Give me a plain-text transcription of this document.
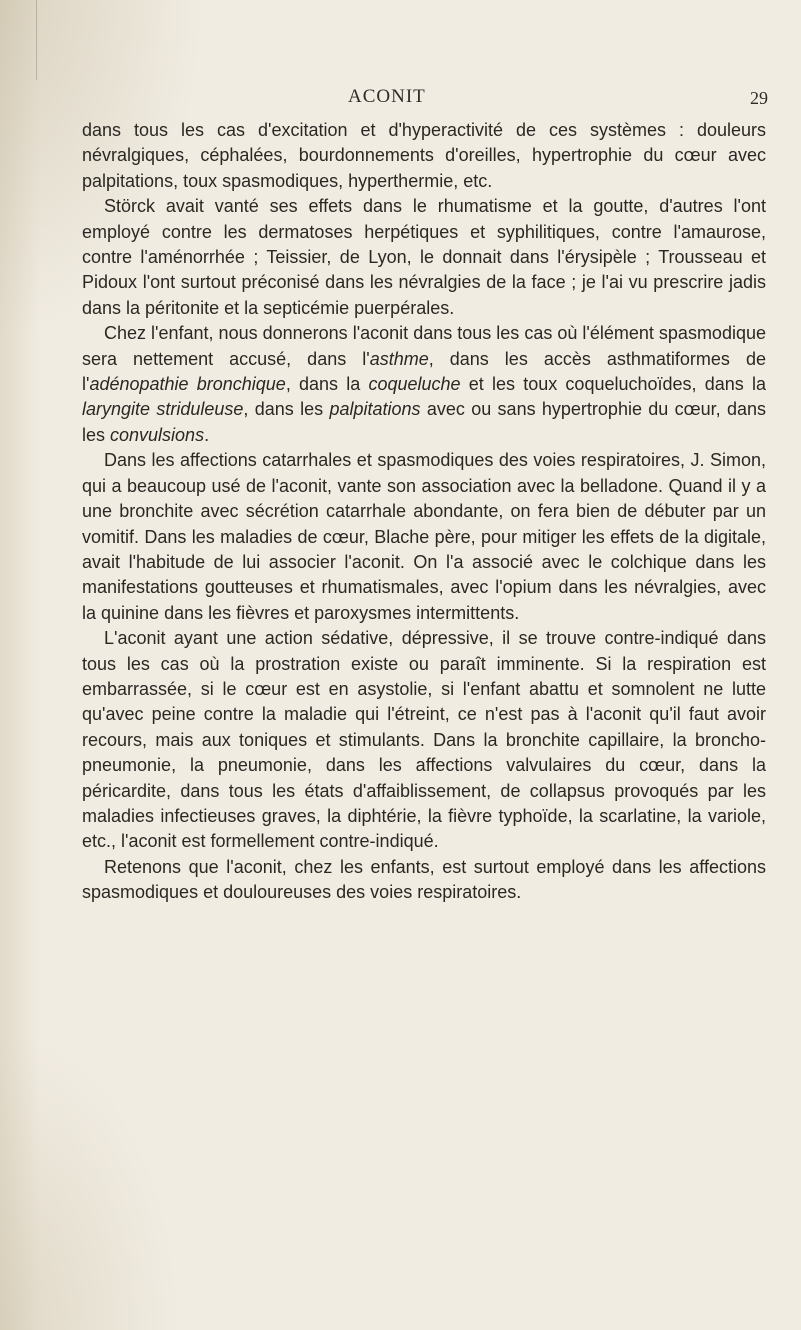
ACONIT	29

dans tous les cas d'excitation et d'hyperactivité de ces systèmes : douleurs névralgiques, céphalées, bourdonnements d'oreilles, hypertrophie du cœur avec palpitations, toux spasmodiques, hyperthermie, etc.

Störck avait vanté ses effets dans le rhumatisme et la goutte, d'autres l'ont employé contre les dermatoses herpétiques et syphilitiques, contre l'amaurose, contre l'aménorrhée ; Teissier, de Lyon, le donnait dans l'érysipèle ; Trousseau et Pidoux l'ont surtout préconisé dans les névralgies de la face ; je l'ai vu prescrire jadis dans la péritonite et la septicémie puerpérales.

Chez l'enfant, nous donnerons l'aconit dans tous les cas où l'élément spasmodique sera nettement accusé, dans l'asthme, dans les accès asthmatiformes de l'adénopathie bronchique, dans la coqueluche et les toux coqueluchoïdes, dans la laryngite striduleuse, dans les palpitations avec ou sans hypertrophie du cœur, dans les convulsions.

Dans les affections catarrhales et spasmodiques des voies respiratoires, J. Simon, qui a beaucoup usé de l'aconit, vante son association avec la belladone. Quand il y a une bronchite avec sécrétion catarrhale abondante, on fera bien de débuter par un vomitif. Dans les maladies de cœur, Blache père, pour mitiger les effets de la digitale, avait l'habitude de lui associer l'aconit. On l'a associé avec le colchique dans les manifestations goutteuses et rhumatismales, avec l'opium dans les névralgies, avec la quinine dans les fièvres et paroxysmes intermittents.

L'aconit ayant une action sédative, dépressive, il se trouve contre-indiqué dans tous les cas où la prostration existe ou paraît imminente. Si la respiration est embarrassée, si le cœur est en asystolie, si l'enfant abattu et somnolent ne lutte qu'avec peine contre la maladie qui l'étreint, ce n'est pas à l'aconit qu'il faut avoir recours, mais aux toniques et stimulants. Dans la bronchite capillaire, la broncho-pneumonie, la pneumonie, dans les affections valvulaires du cœur, dans la péricardite, dans tous les états d'affaiblissement, de collapsus provoqués par les maladies infectieuses graves, la diphtérie, la fièvre typhoïde, la scarlatine, la variole, etc., l'aconit est formellement contre-indiqué.

Retenons que l'aconit, chez les enfants, est surtout employé dans les affections spasmodiques et douloureuses des voies respiratoires.
